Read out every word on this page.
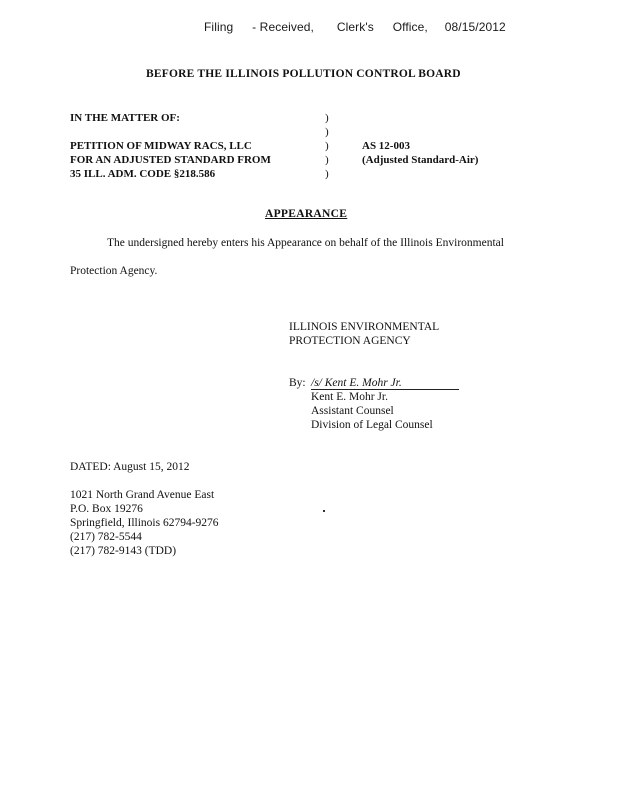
Filing - Received, Clerk's Office, 08/15/2012
BEFORE THE ILLINOIS POLLUTION CONTROL BOARD
IN THE MATTER OF:
PETITION OF MIDWAY RACS, LLC
FOR AN ADJUSTED STANDARD FROM
35 ILL. ADM. CODE §218.586
)
)
)
)
)
AS 12-003
(Adjusted Standard-Air)
APPEARANCE
The undersigned hereby enters his Appearance on behalf of the Illinois Environmental
Protection Agency.
ILLINOIS ENVIRONMENTAL
PROTECTION AGENCY
By: /s/ Kent E. Mohr Jr.
Kent E. Mohr Jr.
Assistant Counsel
Division of Legal Counsel
DATED: August 15, 2012
1021 North Grand Avenue East
P.O. Box 19276
Springfield, Illinois 62794-9276
(217) 782-5544
(217) 782-9143 (TDD)
